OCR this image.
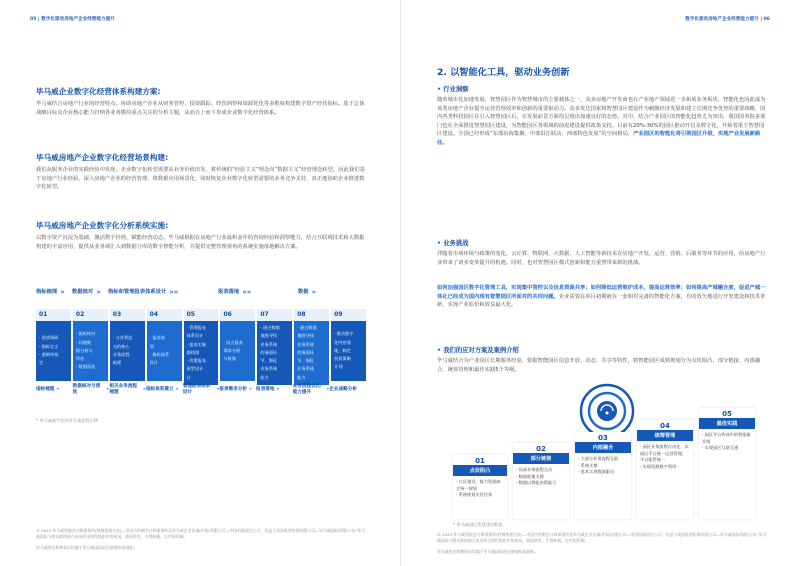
05 | 数字化驱动房地产企业经营能力提升
毕马威企业数字化经营体系构建方案:
毕马威结合房地产行业的经营特点，协助房地产企业从财务管控、投资跟踪、经营洞察和资源优化等多维度构建数字资产经营指标。基于总体战略目标及企业核心能力归纳各业务模块重点关注的分析主题，从而自上而下形成企业数字化经营体系。
毕马威房地产企业数字化经营场景构建:
我们从服务企业的实践经验中发现，企业数字化转型需要从业务价值出发，将传统的“经验主义”理念向“数据主义”经营理念转型，因此我们基于房地产行业经验，深入房地产企业的经营管理，将数据应用场景化，同时恢复企业数字化转型需要的业务竞争支持，真正地协助企业推进数字化转型。
毕马威房地产企业数字化分析系统实施:
以数字资产沉淀为基础，激活数字价值，赋能经营动态。毕马威根据在房地产行业最积多年的咨询经验和洞察能力，结合互联网技术和大数据构建的丰富应用，提供从业务调汇入到数据合库的数字智能分析，并提供完整管理视角的系统实施落地解决方案。
指标梳理 » 数据核对 » 指标和管理报表体系设计 »»	报表落地 »»	数据 »
01
· 现状调研
· 指标定义
· 逻辑草拟
定
02
· 指标核对
· 问题数
据分析与
评估
· 数据清洗
03
· 与各利益
关的核心
业务流程
梳理
04
· 报表规
划
· 指标体系
设计
05
· 管理报表
体系设计
· 报表实施
路线图
· 决策报表
原型设计
计
06
· 试点报表
需求分析
与收集
07
· 通过数据
地图寻找
业务系统
的薄弱环
节，强化
业务系统
能力
08
· 通过数据
地图寻找
业务系统
的薄弱环
节，强化
业务系统
能力
09
· 推动数字
化经营落
地，制定
投资策略
计划
指标梳理 »	数据核对与清洗
» 相关业务流程梳理
» 指标体系建立 » 管理报表体系设计
» 报表需求分析 » 报表落地 »	业务流程优化/能力提升
» 企业战略分析
* 毕马威数字化经营方案流程示例
© 2023 毕马威华振会计师事务所(特殊普通合伙)—中国合伙制会计师事务所及毕马威企业咨询(中国)有限公司—中国有限责任公司，均是与英国私营担保有限公司—毕马威国际有限公司(“毕马威国际”)相关联的独立成员所全球性组织中的成员。版权所有，不得转载。在中国印刷。
毕马威的名称和标识均属于毕马威国际的注册商标或商标。
数字化驱动房地产企业经营能力提升 | 06
2. 以智能化工具，驱动业务创新
• 行业洞察
随着城市化加速发展，智慧园区作为智慧城市的主要载体之一，众多房地产开发商也在产业地产领域进一步拓展业务板块，智能化也因此成为该类房地产企业提升运营管理效率和创新的重要驱动力。众多发达国家将智慧园区建设作为刺激经济发展和建立长期竞争优势的重要战略，国内各类科技园区在引入智慧园区后，在发展前景方面均呈现出加速良好的态势。其中，结合产业园区的智能化趋势尤为突出，我国国务院多部门也在全面推进智慧园区建设，为智能园区各领域的前进建设提供政策支持。目前有20%-30%的园区推动开启及数字化，开始着重于智慧园区建设。全国已经形成“东部沿海集聚、中部沿江联动、西部特色发展”的空间格局，产业园区的智能化将引领园区升级，实现产业发展新路径。
• 业务挑战
伴随着市场环境与政策的变化，云计算、物联网、大数据、人工智能等新技术在房地产开发、运营、营销、后服务等环节的应用，给房地产行业带来了诸多变革提升的机遇。同时，也对智慧园区模式创新和能力重塑带来新的挑战。
如何加强园区数字化管理工具，实现集中管控以及信息资源共享；如何降低运营维护成本，提高运营效率；如何提高产城融合度，促进产城一体化已经成为国内现有智慧园区所面对的共同问题。企业需要在项目初期就在一套相对完备的智能化方案，有的放矢地进行开发建设和技术革新，实现产业监价和效益最大化。
• 我们的应对方案及案例介绍
毕马威结合为产业园区长期服务经验，依据智能园区信息开放、动态、共享等特性，将智能园区成熟规划分为点状阻凸、部分链接、内部融合、统筹管理和最佳实践5个等级。
01
点状阻凸
· 片区建设，能力发展缺乏统一规划
· 系统规划支付任务
02
部分链接
· 局部业务流程互动
· 数据收集支撑
· 数据以智能决策能力
03
内部融合
· 大部分业务流程互联
· 系统支撑
· 基本实现数据驱动
04
统筹管理
· 园区业务流程自动化，以园区平台统一运营管理，平台能管统一
· 实现资源数字利用
05
最佳实践
· 园区平台构成中的智能新升级
· 实现园区互联互通
* 毕马威园区智慧建设框架
© 2023 毕马威华振会计师事务所(特殊普通合伙)—中国合伙制会计师事务所及毕马威企业咨询(中国)有限公司—中国有限责任公司，均是与英国私营担保有限公司—毕马威国际有限公司(“毕马威国际”)相关联的独立成员所全球性组织中的成员。版权所有，不得转载。在中国印刷。
毕马威的名称和标识均属于毕马威国际的注册商标或商标。
